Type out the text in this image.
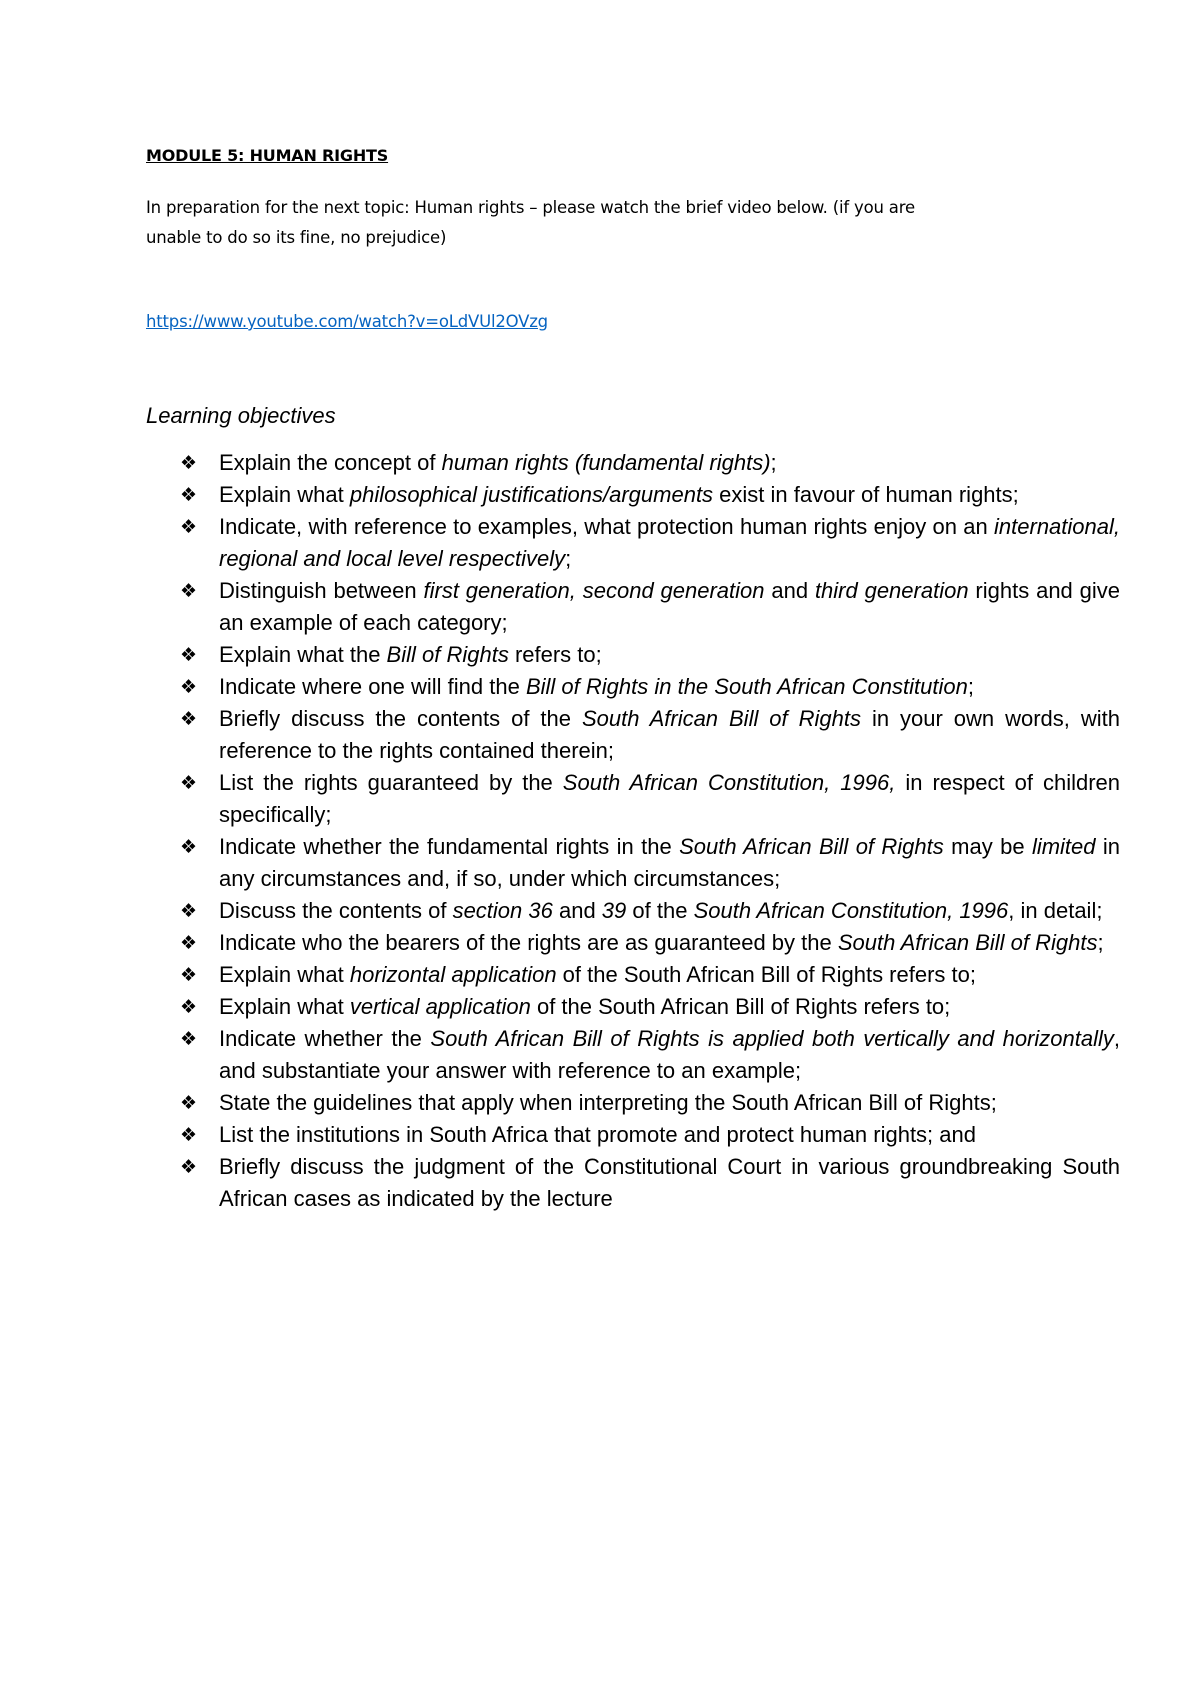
MODULE 5: HUMAN RIGHTS
In preparation for the next topic: Human rights – please watch the brief video below. (if you are
unable to do so its fine, no prejudice)
https://www.youtube.com/watch?v=oLdVUl2OVzg
Learning objectives
❖ Explain the concept of human rights (fundamental rights);
❖ Explain what philosophical justifications/arguments exist in favour of human rights;
❖ Indicate, with reference to examples, what protection human rights enjoy on an international, regional and local level respectively;
❖ Distinguish between first generation, second generation and third generation rights and give an example of each category;
❖ Explain what the Bill of Rights refers to;
❖ Indicate where one will find the Bill of Rights in the South African Constitution;
❖ Briefly discuss the contents of the South African Bill of Rights in your own words, with reference to the rights contained therein;
❖ List the rights guaranteed by the South African Constitution, 1996, in respect of children specifically;
❖ Indicate whether the fundamental rights in the South African Bill of Rights may be limited in any circumstances and, if so, under which circumstances;
❖ Discuss the contents of section 36 and 39 of the South African Constitution, 1996, in detail;
❖ Indicate who the bearers of the rights are as guaranteed by the South African Bill of Rights;
❖ Explain what horizontal application of the South African Bill of Rights refers to;
❖ Explain what vertical application of the South African Bill of Rights refers to;
❖ Indicate whether the South African Bill of Rights is applied both vertically and horizontally, and substantiate your answer with reference to an example;
❖ State the guidelines that apply when interpreting the South African Bill of Rights;
❖ List the institutions in South Africa that promote and protect human rights; and
❖ Briefly discuss the judgment of the Constitutional Court in various groundbreaking South African cases as indicated by the lecture
